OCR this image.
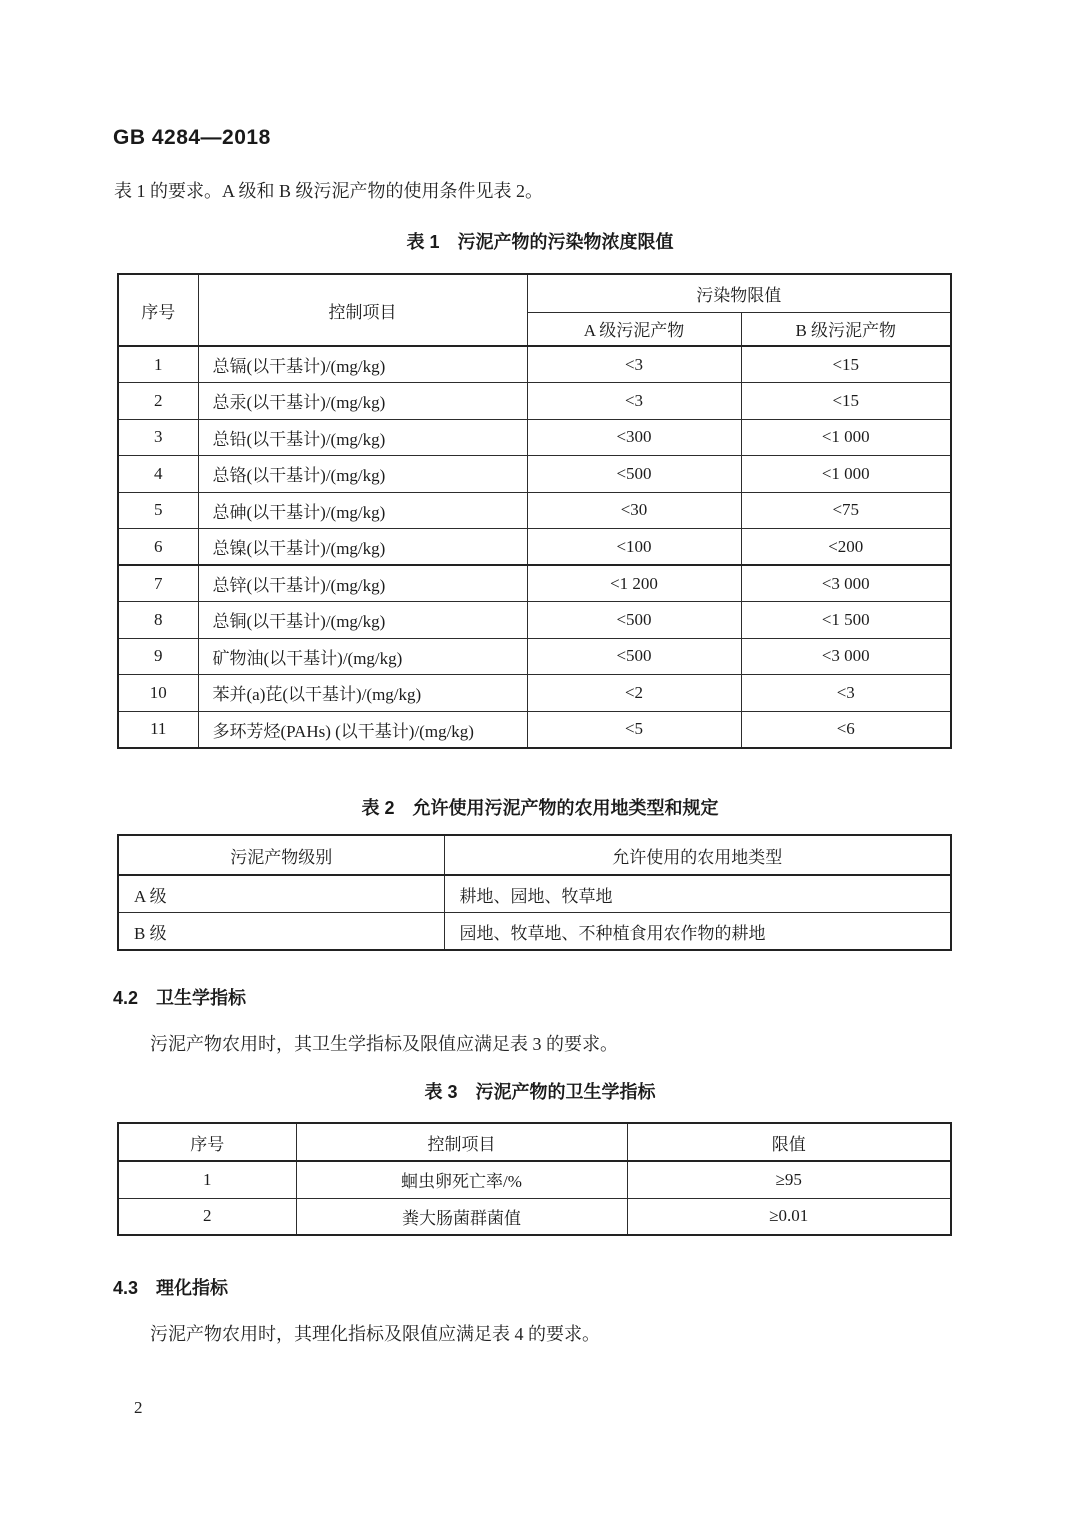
GB 4284—2018
表 1 的要求。A 级和 B 级污泥产物的使用条件见表 2。
表 1　污泥产物的污染物浓度限值
序号	控制项目	污染物限值	
		A 级污泥产物	B 级污泥产物
1	总镉(以干基计)/(mg/kg)	<3	<15
2	总汞(以干基计)/(mg/kg)	<3	<15
3	总铅(以干基计)/(mg/kg)	<300	<1 000
4	总铬(以干基计)/(mg/kg)	<500	<1 000
5	总砷(以干基计)/(mg/kg)	<30	<75
6	总镍(以干基计)/(mg/kg)	<100	<200
7	总锌(以干基计)/(mg/kg)	<1 200	<3 000
8	总铜(以干基计)/(mg/kg)	<500	<1 500
9	矿物油(以干基计)/(mg/kg)	<500	<3 000
10	苯并(a)芘(以干基计)/(mg/kg)	<2	<3
11	多环芳烃(PAHs) (以干基计)/(mg/kg)	<5	<6
表 2　允许使用污泥产物的农用地类型和规定
污泥产物级别	允许使用的农用地类型
A 级	耕地、园地、牧草地
B 级	园地、牧草地、不种植食用农作物的耕地
4.2 卫生学指标
污泥产物农用时，其卫生学指标及限值应满足表 3 的要求。
表 3　污泥产物的卫生学指标
序号	控制项目	限值
1	蛔虫卵死亡率/%	≥95
2	粪大肠菌群菌值	≥0.01
4.3 理化指标
污泥产物农用时，其理化指标及限值应满足表 4 的要求。
2
